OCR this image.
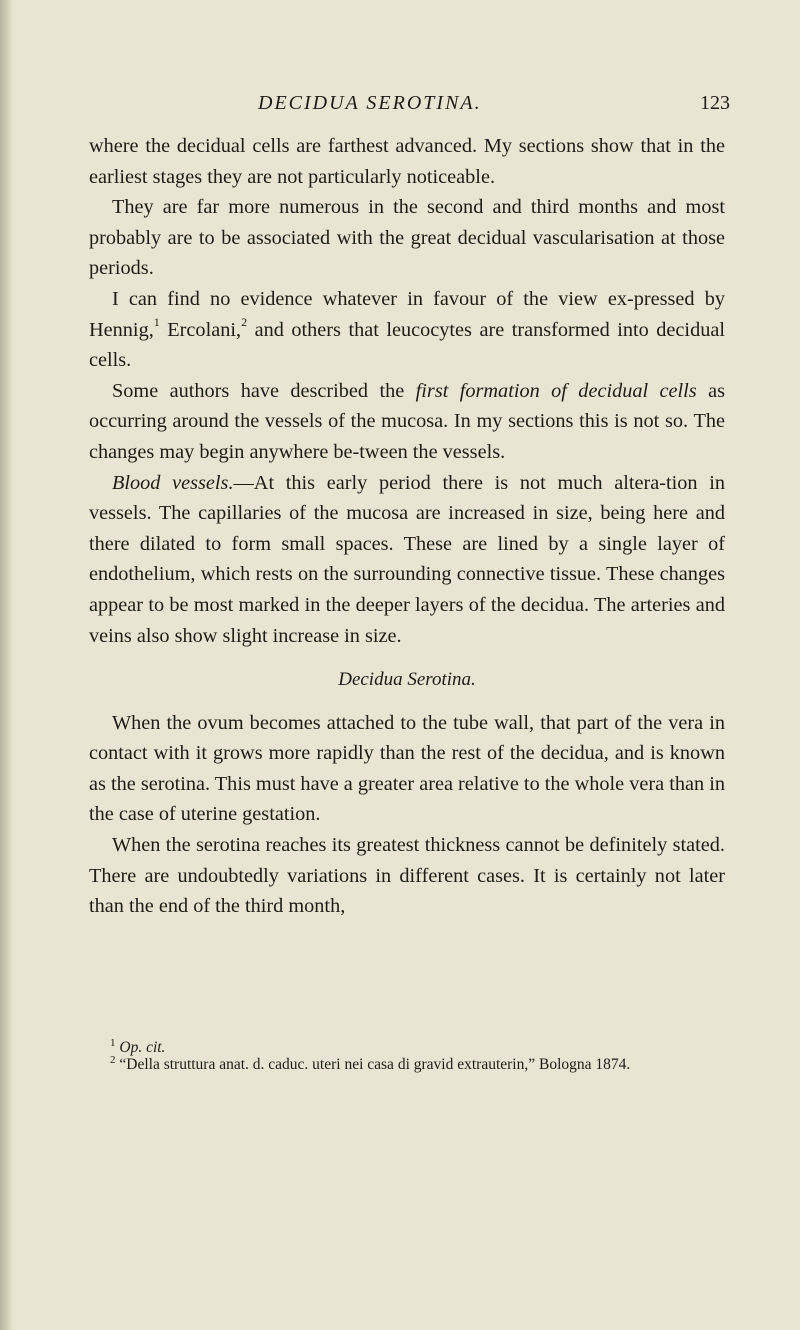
DECIDUA SEROTINA.	123

where the decidual cells are farthest advanced. My sections show that in the earliest stages they are not particularly noticeable.

They are far more numerous in the second and third months and most probably are to be associated with the great decidual vascularisation at those periods.

I can find no evidence whatever in favour of the view ex-pressed by Hennig,$^1$ Ercolani,$^2$ and others that leucocytes are transformed into decidual cells.

Some authors have described the first formation of decidual cells as occurring around the vessels of the mucosa. In my sections this is not so. The changes may begin anywhere be-tween the vessels.

Blood vessels.—At this early period there is not much altera-tion in vessels. The capillaries of the mucosa are increased in size, being here and there dilated to form small spaces. These are lined by a single layer of endothelium, which rests on the surrounding connective tissue. These changes appear to be most marked in the deeper layers of the decidua. The arteries and veins also show slight increase in size.

Decidua Serotina.

When the ovum becomes attached to the tube wall, that part of the vera in contact with it grows more rapidly than the rest of the decidua, and is known as the serotina. This must have a greater area relative to the whole vera than in the case of uterine gestation.

When the serotina reaches its greatest thickness cannot be definitely stated. There are undoubtedly variations in different cases. It is certainly not later than the end of the third month,

$^1$ Op. cit.

$^2$ “Della struttura anat. d. caduc. uteri nei casa di gravid extrauterin,” Bologna 1874.
